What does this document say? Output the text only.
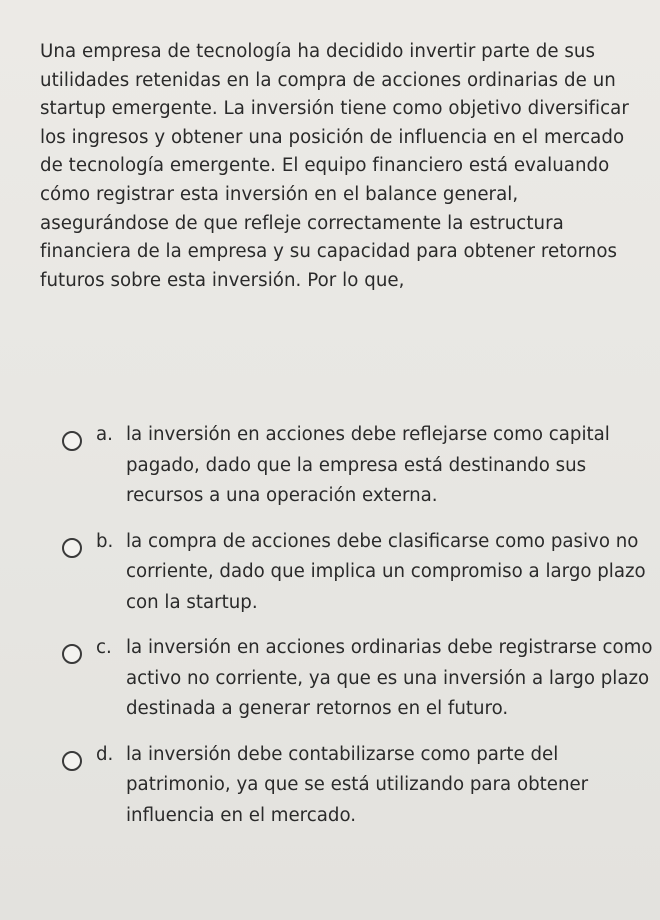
Una empresa de tecnología ha decidido invertir parte de sus utilidades retenidas en la compra de acciones ordinarias de un startup emergente. La inversión tiene como objetivo diversificar los ingresos y obtener una posición de influencia en el mercado de tecnología emergente. El equipo financiero está evaluando cómo registrar esta inversión en el balance general, asegurándose de que refleje correctamente la estructura financiera de la empresa y su capacidad para obtener retornos futuros sobre esta inversión. Por lo que,

a. la inversión en acciones debe reflejarse como capital pagado, dado que la empresa está destinando sus recursos a una operación externa.

b. la compra de acciones debe clasificarse como pasivo no corriente, dado que implica un compromiso a largo plazo con la startup.

c. la inversión en acciones ordinarias debe registrarse como activo no corriente, ya que es una inversión a largo plazo destinada a generar retornos en el futuro.

d. la inversión debe contabilizarse como parte del patrimonio, ya que se está utilizando para obtener influencia en el mercado.
